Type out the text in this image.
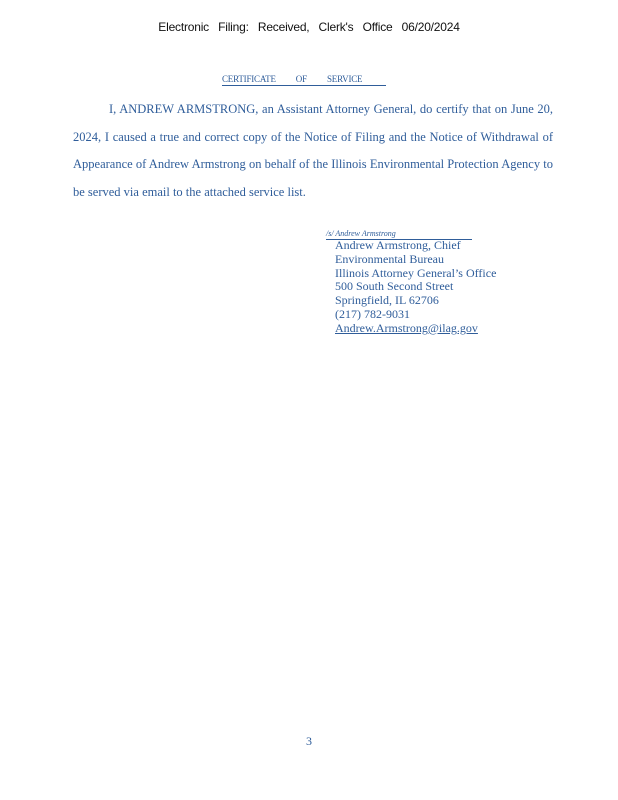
Electronic Filing: Received, Clerk's Office 06/20/2024
CERTIFICATE OF SERVICE

I, ANDREW ARMSTRONG, an Assistant Attorney General, do certify that on June 20, 2024, I caused a true and correct copy of the Notice of Filing and the Notice of Withdrawal of Appearance of Andrew Armstrong on behalf of the Illinois Environmental Protection Agency to be served via email to the attached service list.

/s/ Andrew Armstrong
Andrew Armstrong, Chief
Environmental Bureau
Illinois Attorney General’s Office
500 South Second Street
Springfield, IL 62706
(217) 782-9031
Andrew.Armstrong@ilag.gov
3
